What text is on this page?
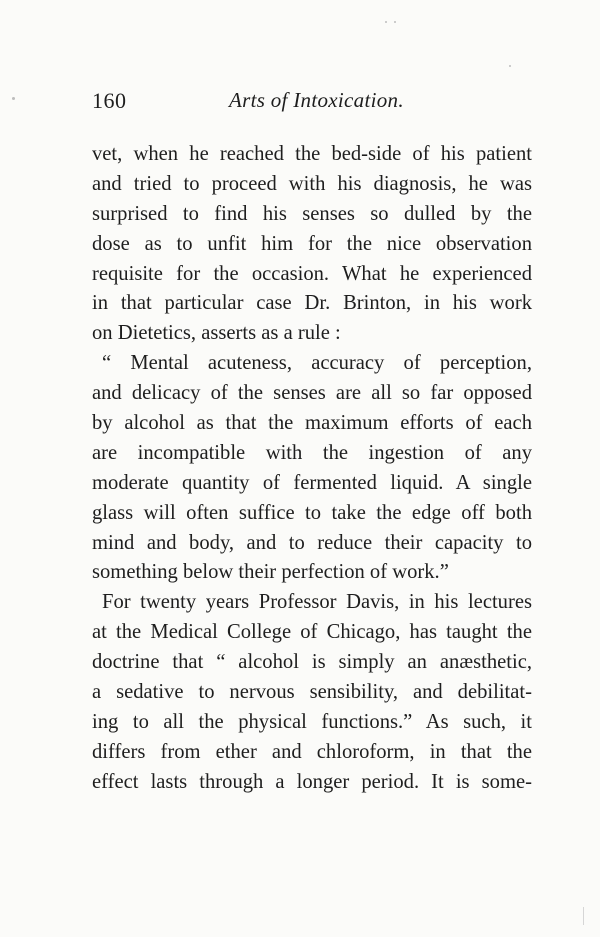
160	Arts of Intoxication.
vet, when he reached the bed-side of his patient
and tried to proceed with his diagnosis, he was
surprised to find his senses so dulled by the
dose as to unfit him for the nice observation
requisite for the occasion. What he experienced
in that particular case Dr. Brinton, in his work
on Dietetics, asserts as a rule :
“ Mental acuteness, accuracy of perception,
and delicacy of the senses are all so far opposed
by alcohol as that the maximum efforts of each
are incompatible with the ingestion of any
moderate quantity of fermented liquid. A single
glass will often suffice to take the edge off both
mind and body, and to reduce their capacity to
something below their perfection of work.”
For twenty years Professor Davis, in his lectures
at the Medical College of Chicago, has taught the
doctrine that “ alcohol is simply an anæsthetic,
a sedative to nervous sensibility, and debilitat-
ing to all the physical functions.” As such, it
differs from ether and chloroform, in that the
effect lasts through a longer period. It is some-
